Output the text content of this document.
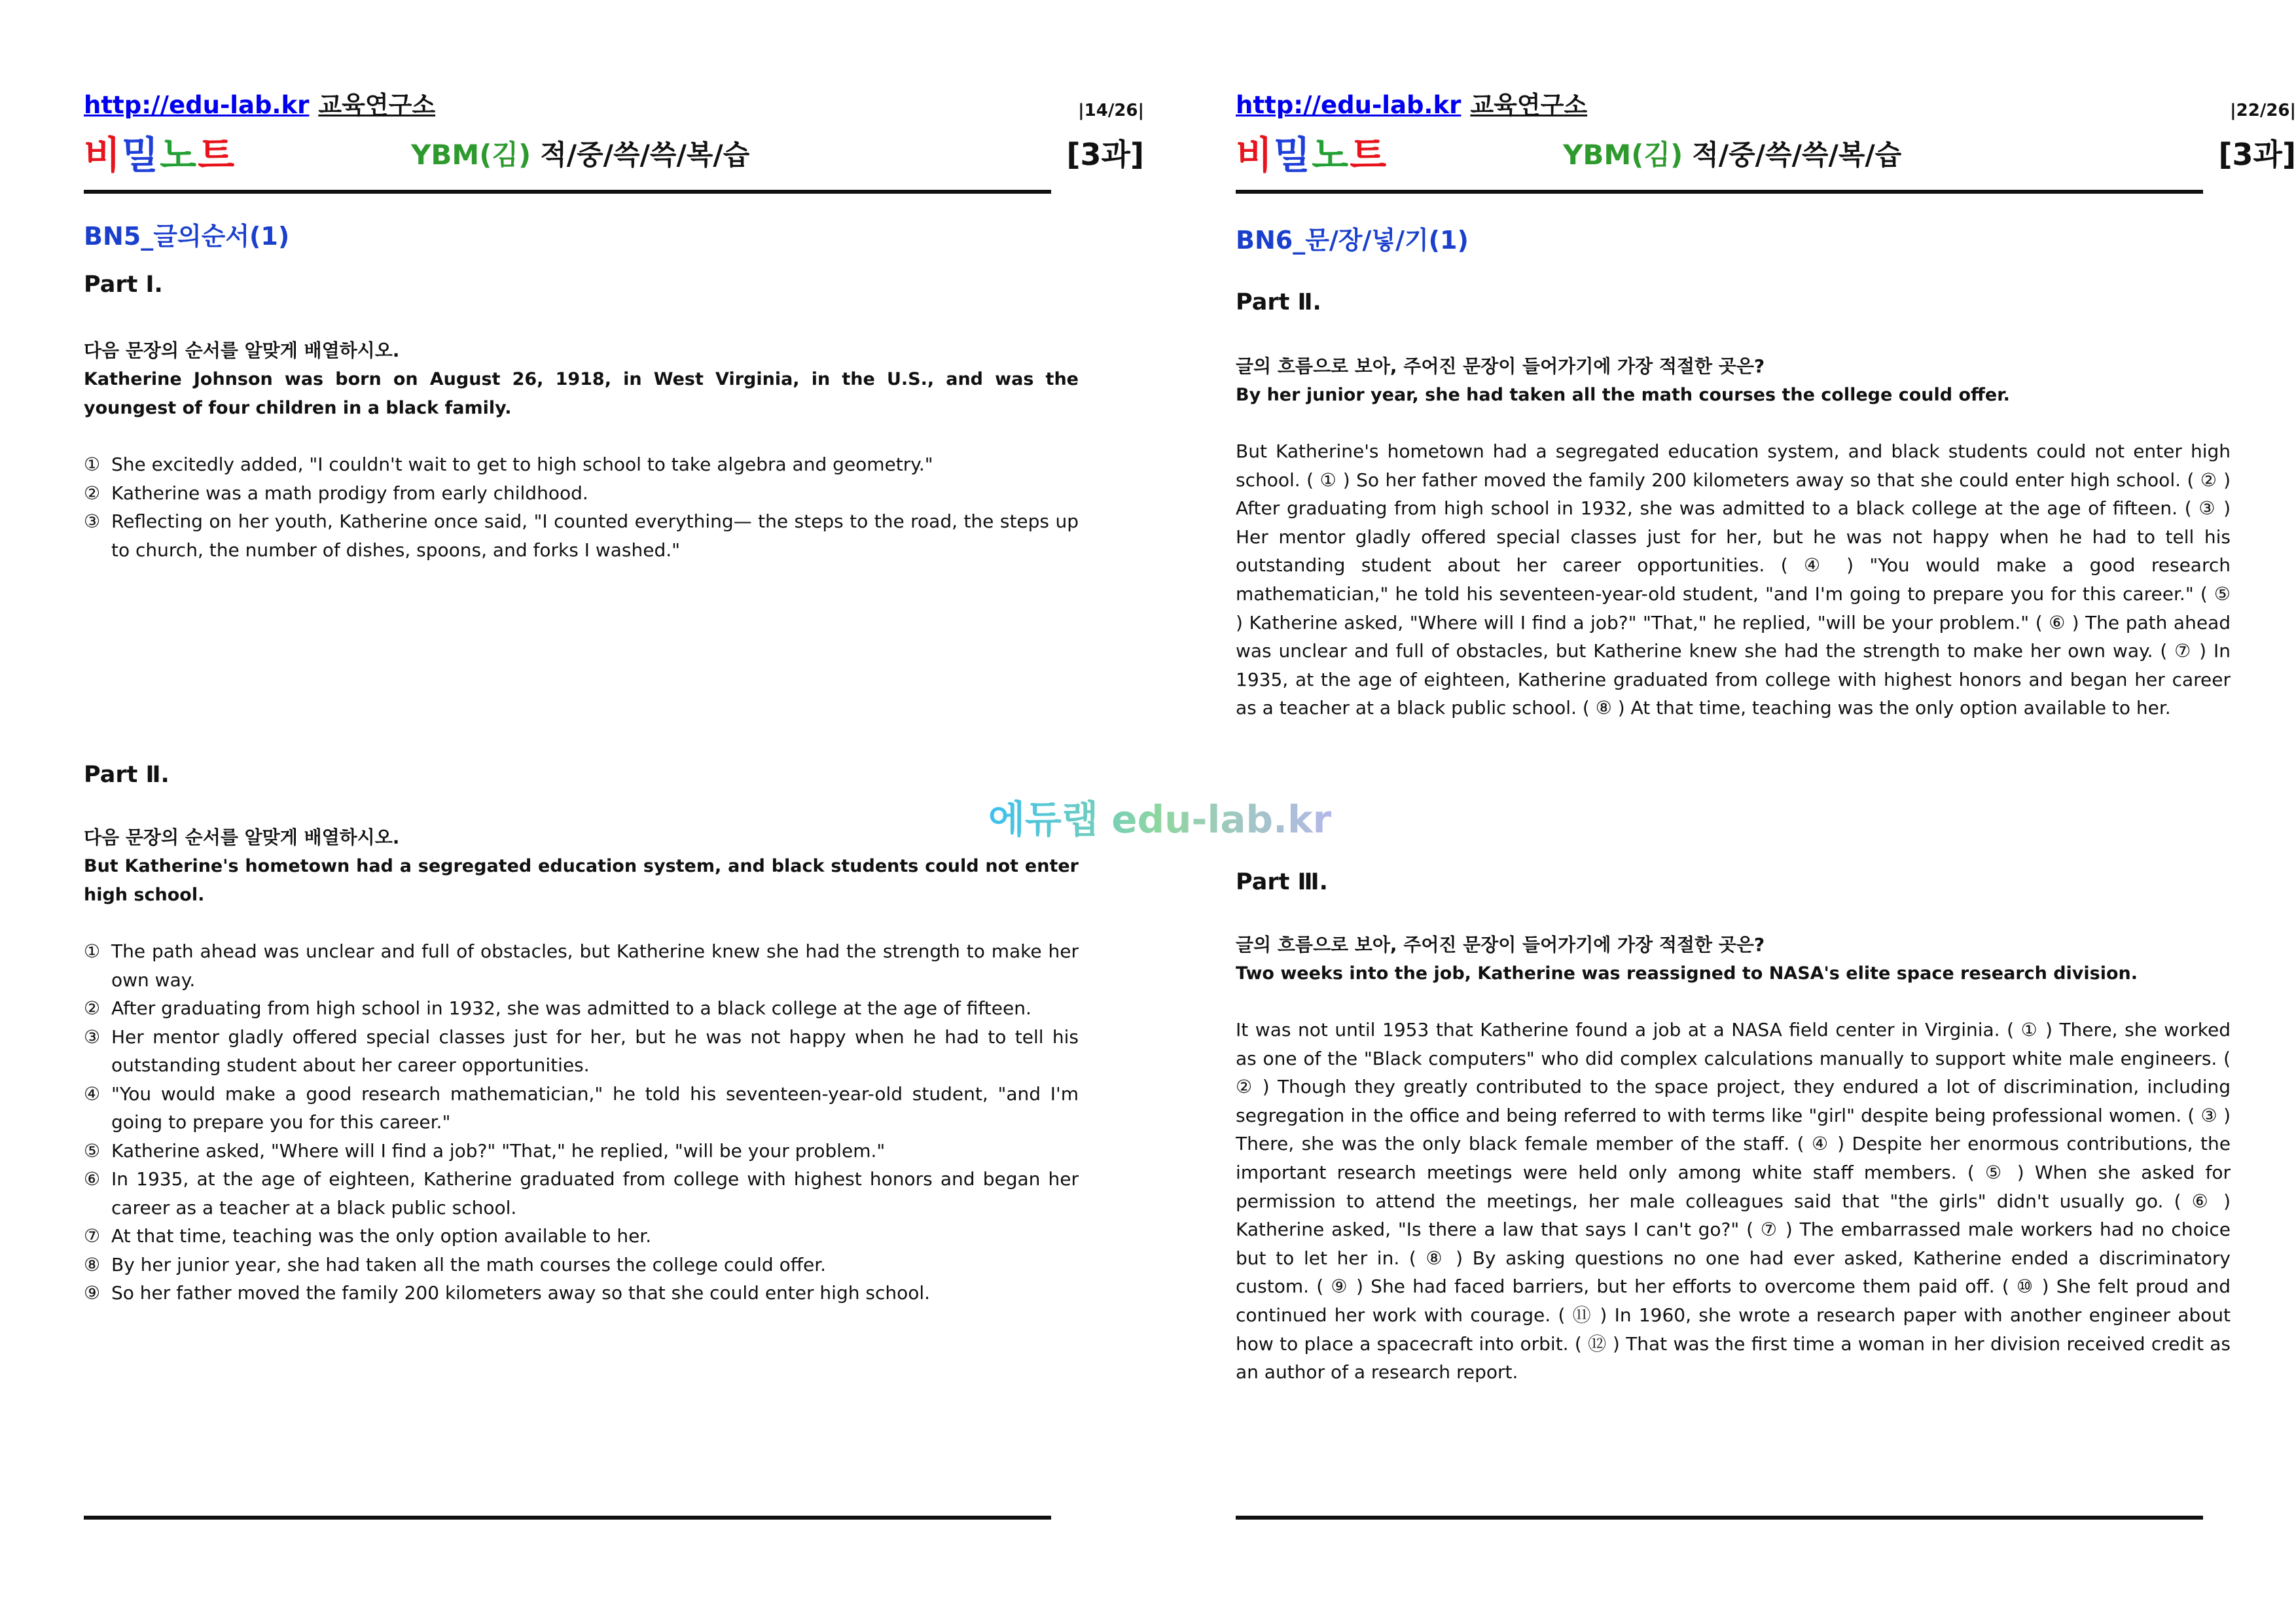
http://edu-lab.kr 교육연구소	|14/26|
비밀노트	YBM(김) 적/중/쓱/쓱/복/습	[3과]
BN5_글의순서(1)
Part Ⅰ.

다음 문장의 순서를 알맞게 배열하시오.

Katherine Johnson was born on August 26, 1918, in West Virginia, in the U.S., and was the youngest of four children in a black family.

① She excitedly added, "I couldn't wait to get to high school to take algebra and geometry."
② Katherine was a math prodigy from early childhood.
③ Reflecting on her youth, Katherine once said, "I counted everything— the steps to the road, the steps up to church, the number of dishes, spoons, and forks I washed."
Part Ⅱ.

다음 문장의 순서를 알맞게 배열하시오.

But Katherine's hometown had a segregated education system, and black students could not enter high school.

① The path ahead was unclear and full of obstacles, but Katherine knew she had the strength to make her own way.
② After graduating from high school in 1932, she was admitted to a black college at the age of fifteen.
③ Her mentor gladly offered special classes just for her, but he was not happy when he had to tell his outstanding student about her career opportunities.
④ "You would make a good research mathematician," he told his seventeen-year-old student, "and I'm going to prepare you for this career."
⑤ Katherine asked, "Where will I find a job?" "That," he replied, "will be your problem."
⑥ In 1935, at the age of eighteen, Katherine graduated from college with highest honors and began her career as a teacher at a black public school.
⑦ At that time, teaching was the only option available to her.
⑧ By her junior year, she had taken all the math courses the college could offer.
⑨ So her father moved the family 200 kilometers away so that she could enter high school.
http://edu-lab.kr 교육연구소	|22/26|
비밀노트	YBM(김) 적/중/쓱/쓱/복/습	[3과]
BN6_문/장/넣/기(1)
Part Ⅱ.

글의 흐름으로 보아, 주어진 문장이 들어가기에 가장 적절한 곳은?

By her junior year, she had taken all the math courses the college could offer.

But Katherine's hometown had a segregated education system, and black students could not enter high school. ( ① ) So her father moved the family 200 kilometers away so that she could enter high school. ( ② ) After graduating from high school in 1932, she was admitted to a black college at the age of fifteen. ( ③ ) Her mentor gladly offered special classes just for her, but he was not happy when he had to tell his outstanding student about her career opportunities. ( ④ ) "You would make a good research mathematician," he told his seventeen-year-old student, "and I'm going to prepare you for this career." ( ⑤ ) Katherine asked, "Where will I find a job?" "That," he replied, "will be your problem." ( ⑥ ) The path ahead was unclear and full of obstacles, but Katherine knew she had the strength to make her own way. ( ⑦ ) In 1935, at the age of eighteen, Katherine graduated from college with highest honors and began her career as a teacher at a black public school. ( ⑧ ) At that time, teaching was the only option available to her.

Part Ⅲ.

글의 흐름으로 보아, 주어진 문장이 들어가기에 가장 적절한 곳은?

Two weeks into the job, Katherine was reassigned to NASA's elite space research division.

It was not until 1953 that Katherine found a job at a NASA field center in Virginia. ( ① ) There, she worked as one of the "Black computers" who did complex calculations manually to support white male engineers. ( ② ) Though they greatly contributed to the space project, they endured a lot of discrimination, including segregation in the office and being referred to with terms like "girl" despite being professional women. ( ③ ) There, she was the only black female member of the staff. ( ④ ) Despite her enormous contributions, the important research meetings were held only among white staff members. ( ⑤ ) When she asked for permission to attend the meetings, her male colleagues said that "the girls" didn't usually go. ( ⑥ ) Katherine asked, "Is there a law that says I can't go?" ( ⑦ ) The embarrassed male workers had no choice but to let her in. ( ⑧ ) By asking questions no one had ever asked, Katherine ended a discriminatory custom. ( ⑨ ) She had faced barriers, but her efforts to overcome them paid off. ( ⑩ ) She felt proud and continued her work with courage. ( ⑪ ) In 1960, she wrote a research paper with another engineer about how to place a spacecraft into orbit. ( ⑫ ) That was the first time a woman in her division received credit as an author of a research report.

에듀랩 edu-lab.kr
